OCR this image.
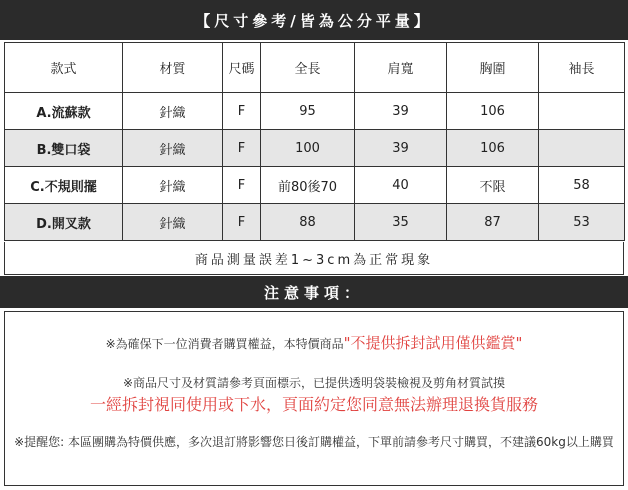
【尺寸參考/皆為公分平量】
款式	材質	尺碼	全長	肩寬	胸圍	袖長
A.流蘇款	針織	F	95	39	106	
B.雙口袋	針織	F	100	39	106	
C.不規則擺	針織	F	前80後70	40	不限	58
D.開叉款	針織	F	88	35	87	53
商品測量誤差1~3cm為正常現象
注意事項：
※為確保下一位消費者購買權益，本特價商品"不提供拆封試用僅供鑑賞"
※商品尺寸及材質請參考頁面標示，已提供透明袋裝檢視及剪角材質試摸
一經拆封視同使用或下水，頁面約定您同意無法辦理退換貨服務
※提醒您: 本區團購為特價供應，多次退訂將影響您日後訂購權益，下單前請參考尺寸購買，不建議60kg以上購買
